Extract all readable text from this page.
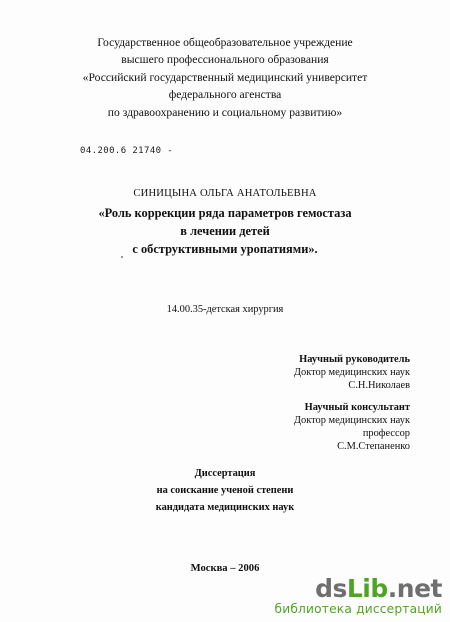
Государственное общеобразовательное учреждение
высшего профессионального образования
«Российский государственный медицинский университет
федерального агенства
по здравоохранению и социальному развитию»
04.200.6 21740 -
СИНИЦЫНА ОЛЬГА АНАТОЛЬЕВНА
«Роль коррекции ряда параметров гемостаза
в лечении детей
с обструктивными уропатиями».
14.00.35-детская хирургия
Научный руководитель
Доктор медицинских наук
С.Н.Николаев
Научный консультант
Доктор медицинских наук
профессор
С.М.Степаненко
Диссертация
на соискание ученой степени
кандидата медицинских наук
Москва – 2006
dsLib.net
библиотека диссертаций
